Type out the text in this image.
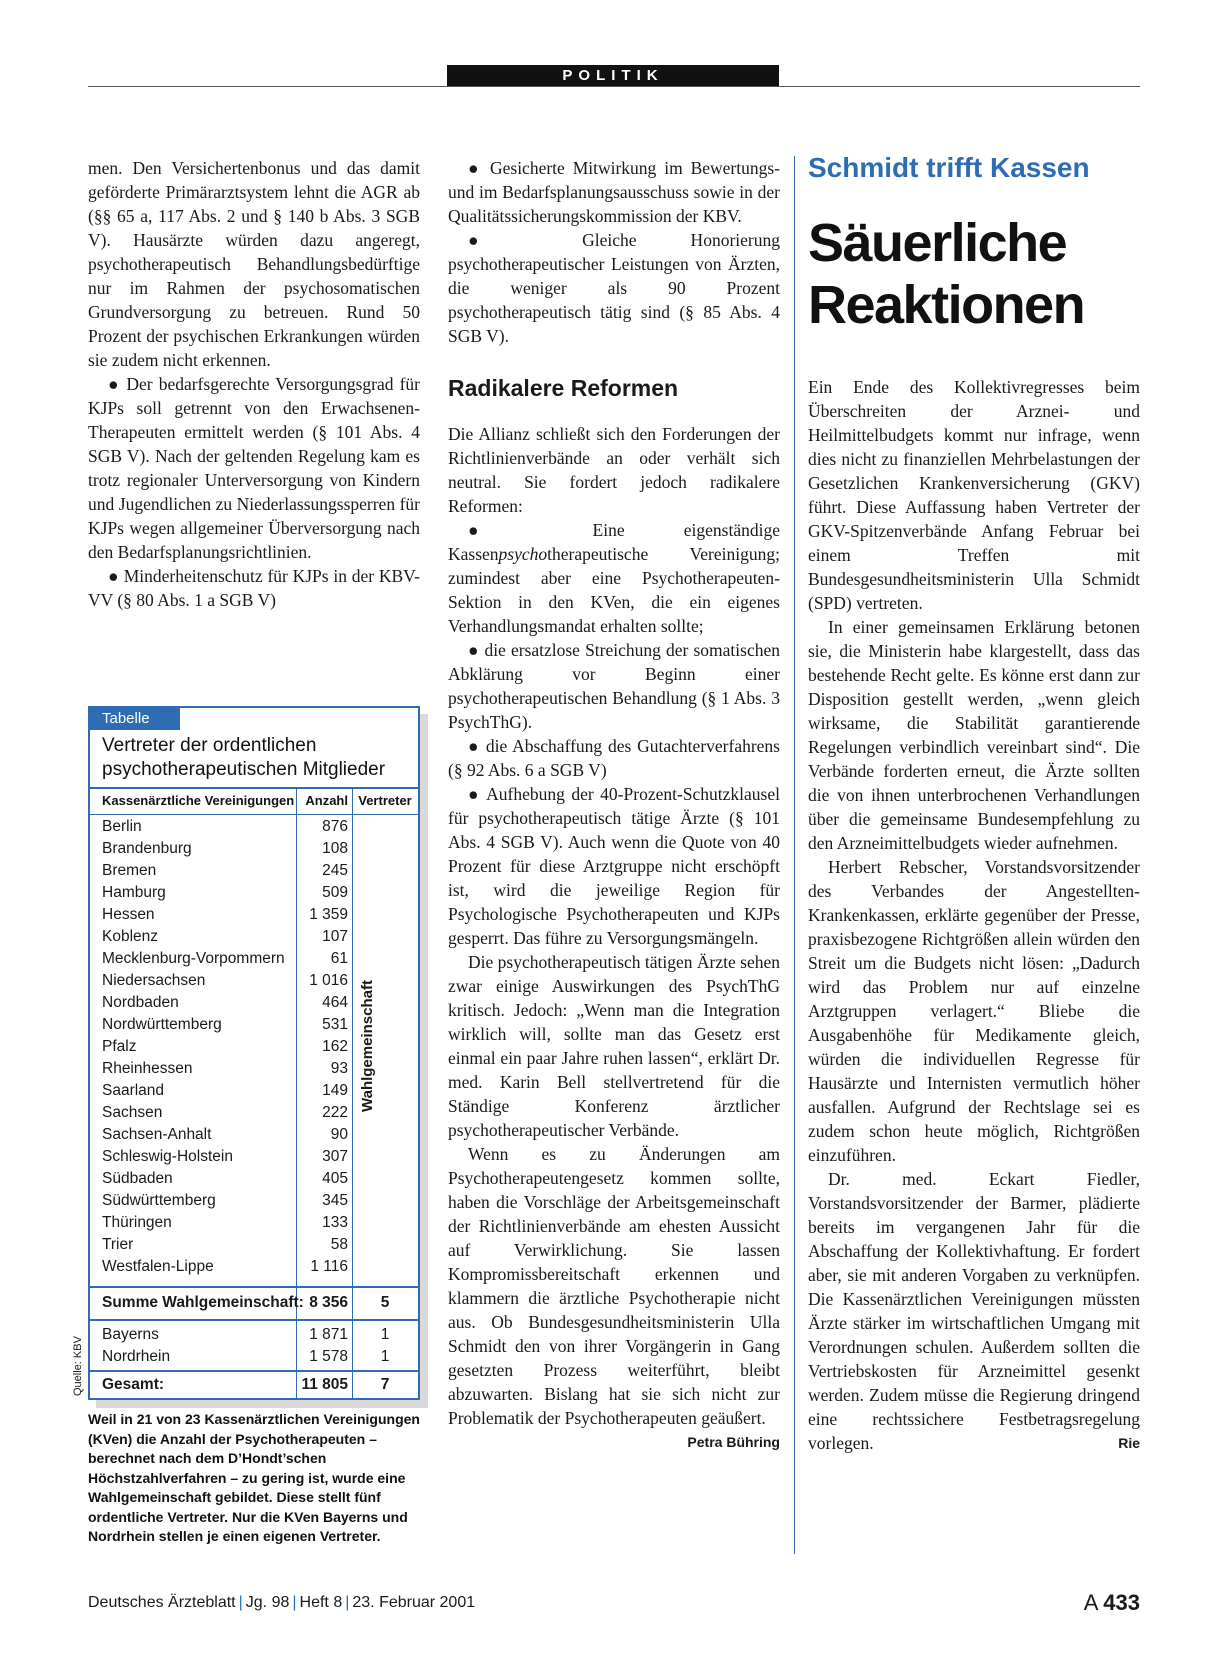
POLITIK

men. Den Versichertenbonus und das damit geförderte Primärarztsystem lehnt die AGR ab (§§ 65 a, 117 Abs. 2 und § 140 b Abs. 3 SGB V). Hausärzte würden dazu angeregt, psychotherapeutisch Behandlungsbedürftige nur im Rahmen der psychosomatischen Grundversorgung zu betreuen. Rund 50 Prozent der psychischen Erkrankungen würden sie zudem nicht erkennen.

● Der bedarfsgerechte Versorgungsgrad für KJPs soll getrennt von den Erwachsenen-Therapeuten ermittelt werden (§ 101 Abs. 4 SGB V). Nach der geltenden Regelung kam es trotz regionaler Unterversorgung von Kindern und Jugendlichen zu Niederlassungssperren für KJPs wegen allgemeiner Überversorgung nach den Bedarfsplanungsrichtlinien.

● Minderheitenschutz für KJPs in der KBV-VV (§ 80 Abs. 1 a SGB V)

Tabelle
Vertreter der ordentlichen psychotherapeutischen Mitglieder
Kassenärztliche Vereinigungen Anzahl Vertreter
Berlin	876
Brandenburg	108
Bremen	245
Hamburg	509
Hessen	1 359
Koblenz	107
Mecklenburg-Vorpommern	61
Niedersachsen	1 016
Nordbaden	464
Nordwürttemberg	531
Pfalz	162
Rheinhessen	93
Saarland	149
Sachsen	222
Sachsen-Anhalt	90
Schleswig-Holstein	307
Südbaden	405
Südwürttemberg	345
Thüringen	133
Trier	58
Westfalen-Lippe	1 116
Wahlgemeinschaft
Summe Wahlgemeinschaft: 8 356	5
Bayerns	1 871	1
Nordrhein	1 578	1
Gesamt:	11 805	7
Quelle: KBV
Weil in 21 von 23 Kassenärztlichen Vereinigungen (KVen) die Anzahl der Psychotherapeuten – berechnet nach dem D’Hondt’schen Höchstzahlverfahren – zu gering ist, wurde eine Wahlgemeinschaft gebildet. Diese stellt fünf ordentliche Vertreter. Nur die KVen Bayerns und Nordrhein stellen je einen eigenen Vertreter.

● Gesicherte Mitwirkung im Bewertungs- und im Bedarfsplanungsausschuss sowie in der Qualitätssicherungskommission der KBV.

● Gleiche Honorierung psychotherapeutischer Leistungen von Ärzten, die weniger als 90 Prozent psychotherapeutisch tätig sind (§ 85 Abs. 4 SGB V).

Radikalere Reformen

Die Allianz schließt sich den Forderungen der Richtlinienverbände an oder verhält sich neutral. Sie fordert jedoch radikalere Reformen:

● Eine eigenständige Kassenpsychotherapeutische Vereinigung; zumindest aber eine Psychotherapeuten-Sektion in den KVen, die ein eigenes Verhandlungsmandat erhalten sollte;

● die ersatzlose Streichung der somatischen Abklärung vor Beginn einer psychotherapeutischen Behandlung (§ 1 Abs. 3 PsychThG).

● die Abschaffung des Gutachterverfahrens (§ 92 Abs. 6 a SGB V)

● Aufhebung der 40-Prozent-Schutzklausel für psychotherapeutisch tätige Ärzte (§ 101 Abs. 4 SGB V). Auch wenn die Quote von 40 Prozent für diese Arztgruppe nicht erschöpft ist, wird die jeweilige Region für Psychologische Psychotherapeuten und KJPs gesperrt. Das führe zu Versorgungsmängeln.

Die psychotherapeutisch tätigen Ärzte sehen zwar einige Auswirkungen des PsychThG kritisch. Jedoch: „Wenn man die Integration wirklich will, sollte man das Gesetz erst einmal ein paar Jahre ruhen lassen“, erklärt Dr. med. Karin Bell stellvertretend für die Ständige Konferenz ärztlicher psychotherapeutischer Verbände.

Wenn es zu Änderungen am Psychotherapeutengesetz kommen sollte, haben die Vorschläge der Arbeitsgemeinschaft der Richtlinienverbände am ehesten Aussicht auf Verwirklichung. Sie lassen Kompromissbereitschaft erkennen und klammern die ärztliche Psychotherapie nicht aus. Ob Bundesgesundheitsministerin Ulla Schmidt den von ihrer Vorgängerin in Gang gesetzten Prozess weiterführt, bleibt abzuwarten. Bislang hat sie sich nicht zur Problematik der Psychotherapeuten geäußert.
Petra Bühring

Schmidt trifft Kassen
Säuerliche Reaktionen

Ein Ende des Kollektivregresses beim Überschreiten der Arznei- und Heilmittelbudgets kommt nur infrage, wenn dies nicht zu finanziellen Mehrbelastungen der Gesetzlichen Krankenversicherung (GKV) führt. Diese Auffassung haben Vertreter der GKV-Spitzenverbände Anfang Februar bei einem Treffen mit Bundesgesundheitsministerin Ulla Schmidt (SPD) vertreten.

In einer gemeinsamen Erklärung betonen sie, die Ministerin habe klargestellt, dass das bestehende Recht gelte. Es könne erst dann zur Disposition gestellt werden, „wenn gleich wirksame, die Stabilität garantierende Regelungen verbindlich vereinbart sind“. Die Verbände forderten erneut, die Ärzte sollten die von ihnen unterbrochenen Verhandlungen über die gemeinsame Bundesempfehlung zu den Arzneimittelbudgets wieder aufnehmen.

Herbert Rebscher, Vorstandsvorsitzender des Verbandes der Angestellten-Krankenkassen, erklärte gegenüber der Presse, praxisbezogene Richtgrößen allein würden den Streit um die Budgets nicht lösen: „Dadurch wird das Problem nur auf einzelne Arztgruppen verlagert.“ Bliebe die Ausgabenhöhe für Medikamente gleich, würden die individuellen Regresse für Hausärzte und Internisten vermutlich höher ausfallen. Aufgrund der Rechtslage sei es zudem schon heute möglich, Richtgrößen einzuführen.

Dr. med. Eckart Fiedler, Vorstandsvorsitzender der Barmer, plädierte bereits im vergangenen Jahr für die Abschaffung der Kollektivhaftung. Er fordert aber, sie mit anderen Vorgaben zu verknüpfen. Die Kassenärztlichen Vereinigungen müssten Ärzte stärker im wirtschaftlichen Umgang mit Verordnungen schulen. Außerdem sollten die Vertriebskosten für Arzneimittel gesenkt werden. Zudem müsse die Regierung dringend eine rechtssichere Festbetragsregelung vorlegen.	Rie

Deutsches Ärzteblatt | Jg. 98 | Heft 8 | 23. Februar 2001	A 433
